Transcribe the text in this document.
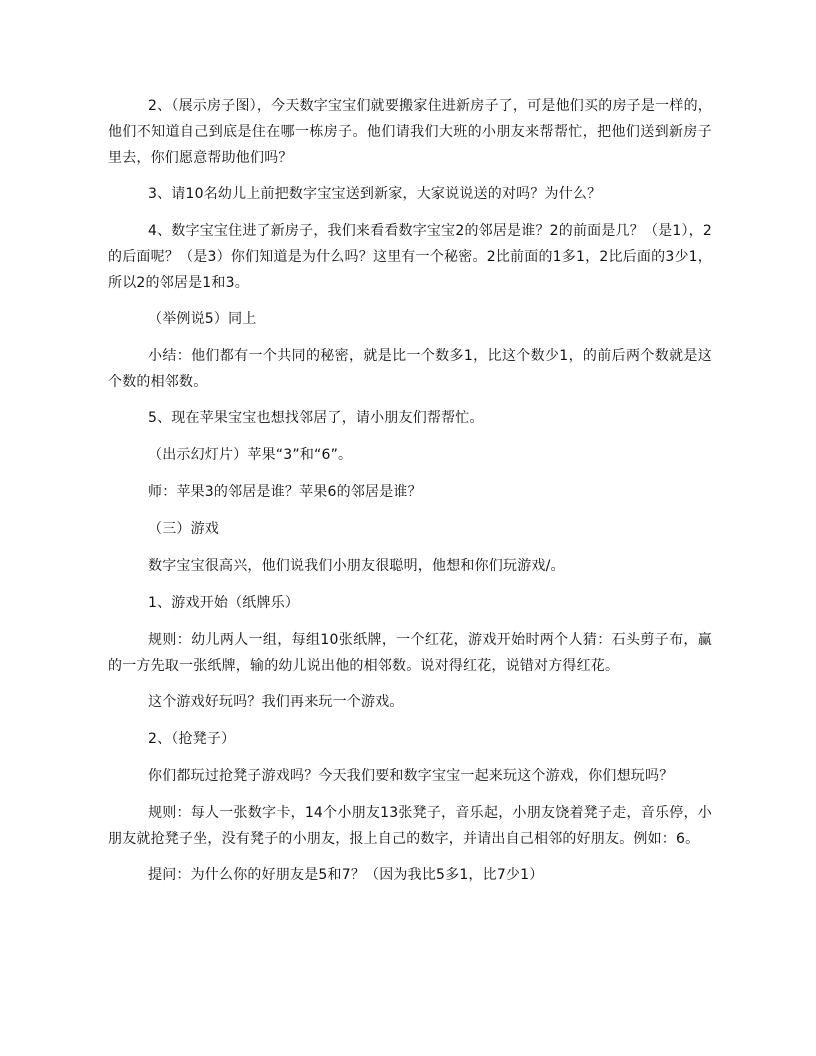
2、（展示房子图），今天数字宝宝们就要搬家住进新房子了，可是他们买的房子是一样的，他们不知道自己到底是住在哪一栋房子。他们请我们大班的小朋友来帮帮忙，把他们送到新房子里去，你们愿意帮助他们吗？

3、请10名幼儿上前把数字宝宝送到新家，大家说说送的对吗？为什么？

4、数字宝宝住进了新房子，我们来看看数字宝宝2的邻居是谁？2的前面是几？（是1），2的后面呢？（是3）你们知道是为什么吗？这里有一个秘密。2比前面的1多1，2比后面的3少1，所以2的邻居是1和3。

（举例说5）同上

小结：他们都有一个共同的秘密，就是比一个数多1，比这个数少1，的前后两个数就是这个数的相邻数。

5、现在苹果宝宝也想找邻居了，请小朋友们帮帮忙。

（出示幻灯片）苹果“3”和“6”。

师：苹果3的邻居是谁？苹果6的邻居是谁？

（三）游戏

数字宝宝很高兴，他们说我们小朋友很聪明，他想和你们玩游戏/。

1、游戏开始（纸牌乐）

规则：幼儿两人一组，每组10张纸牌，一个红花，游戏开始时两个人猜：石头剪子布，赢的一方先取一张纸牌，输的幼儿说出他的相邻数。说对得红花，说错对方得红花。

这个游戏好玩吗？我们再来玩一个游戏。

2、（抢凳子）

你们都玩过抢凳子游戏吗？今天我们要和数字宝宝一起来玩这个游戏，你们想玩吗？

规则：每人一张数字卡，14个小朋友13张凳子，音乐起，小朋友饶着凳子走，音乐停，小朋友就抢凳子坐，没有凳子的小朋友，报上自己的数字，并请出自己相邻的好朋友。例如：6。

提问：为什么你的好朋友是5和7？（因为我比5多1，比7少1）
